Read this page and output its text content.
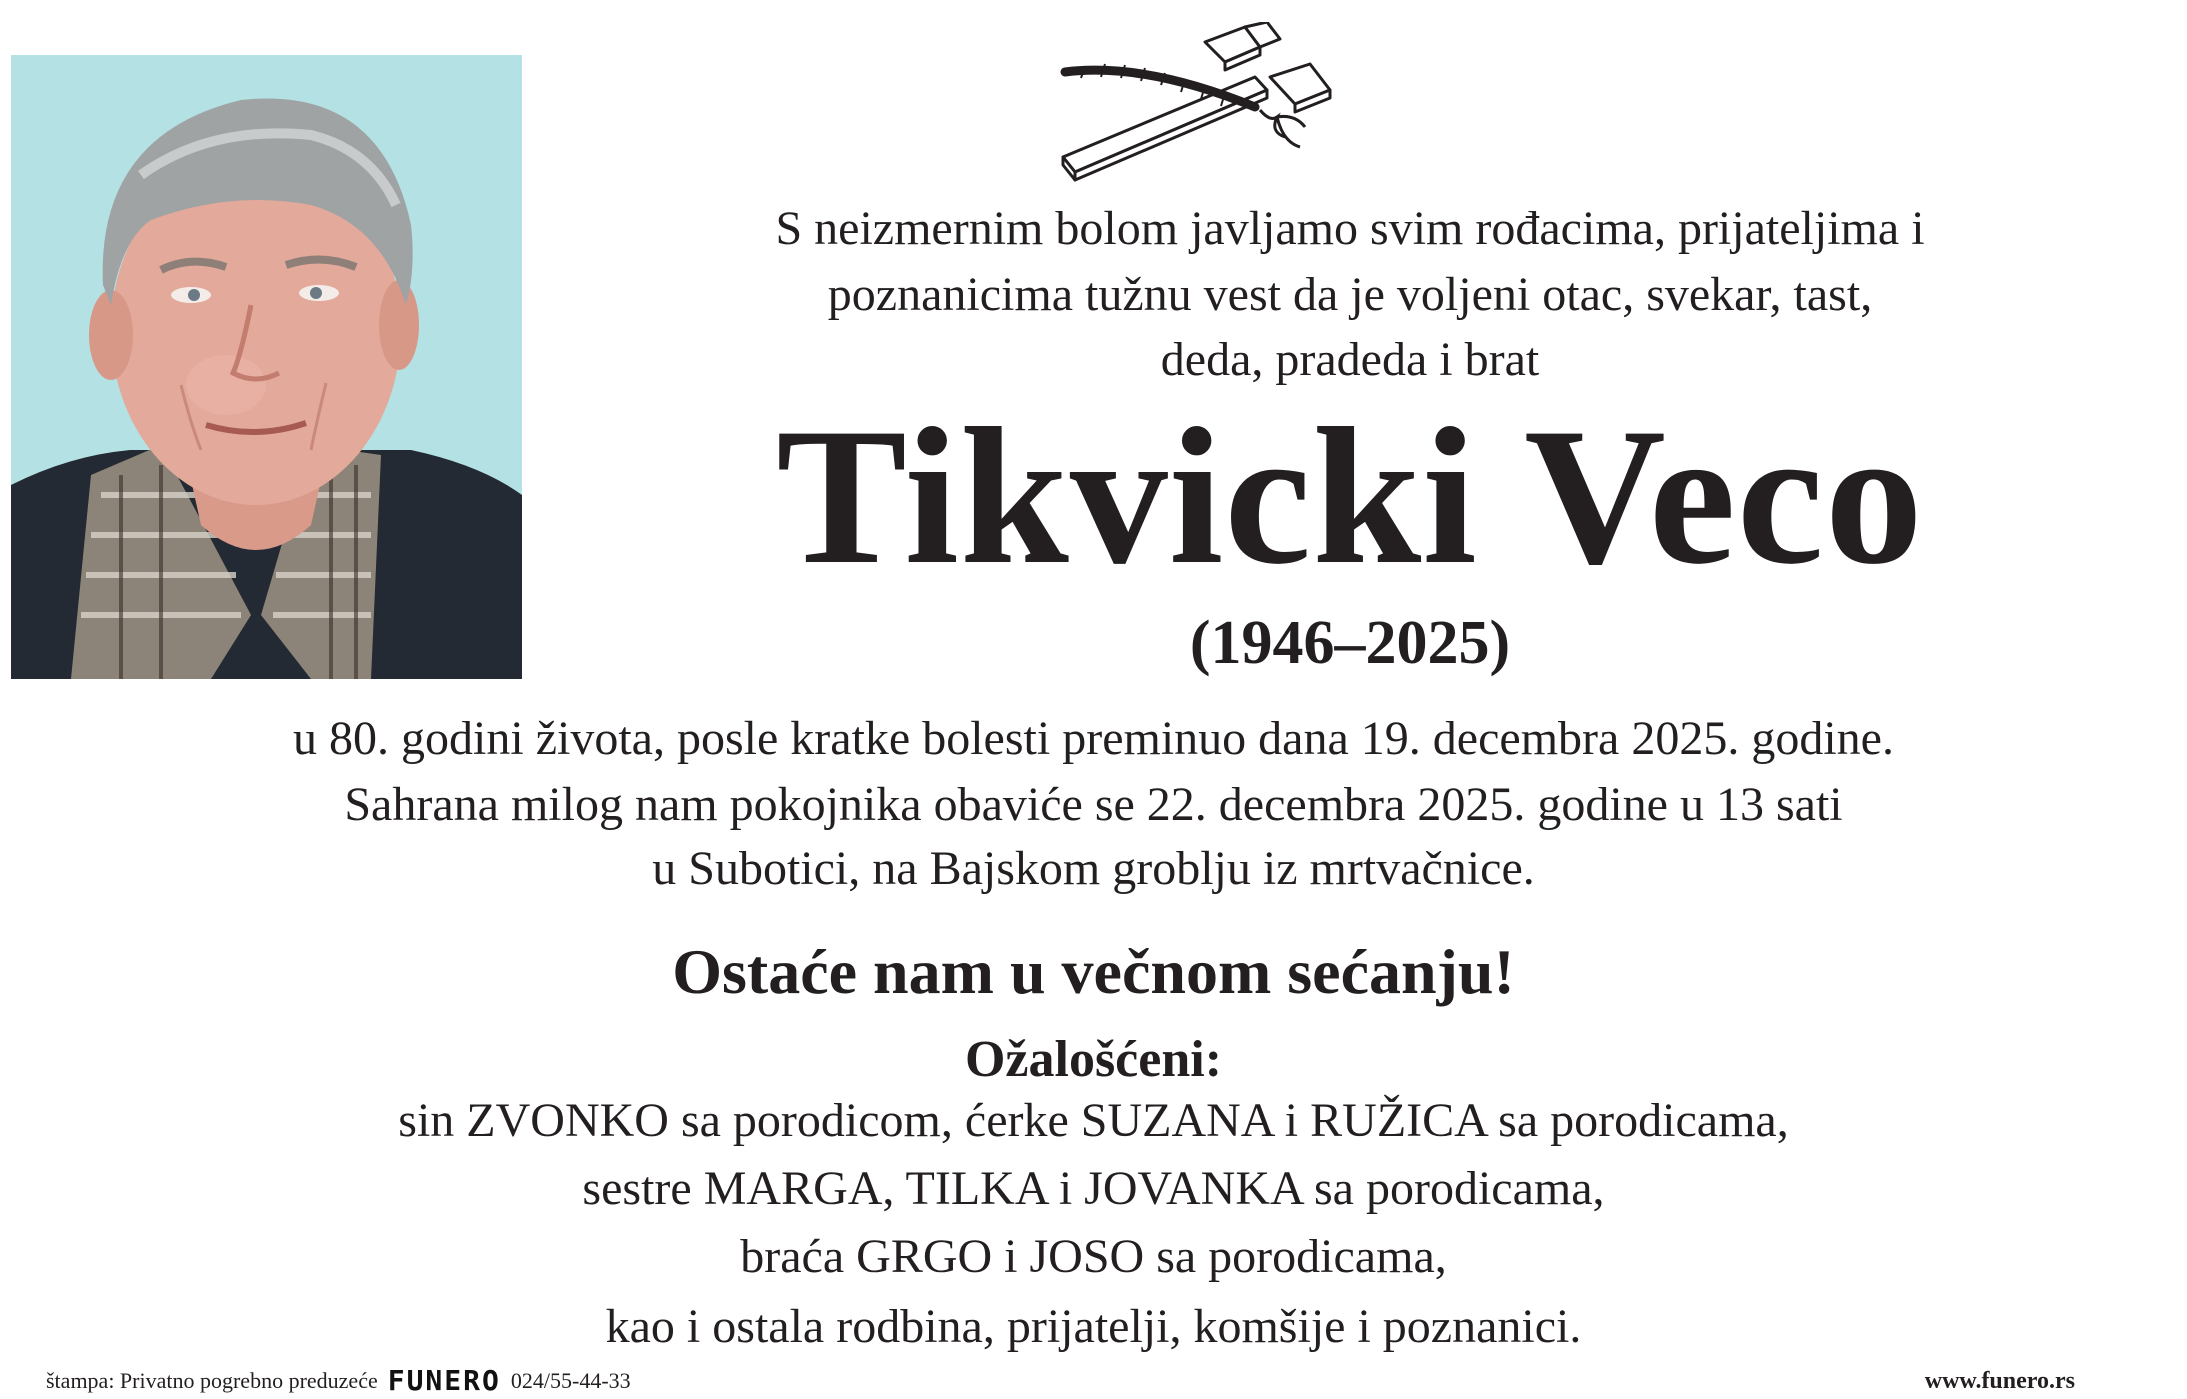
S neizmernim bolom javljamo svim rođacima, prijateljima i
poznanicima tužnu vest da je voljeni otac, svekar, tast,
deda, pradeda i brat
Tikvicki Veco
(1946–2025)
u 80. godini života, posle kratke bolesti preminuo dana 19. decembra 2025. godine.
Sahrana milog nam pokojnika obaviće se 22. decembra 2025. godine u 13 sati
u Subotici, na Bajskom groblju iz mrtvačnice.
Ostaće nam u večnom sećanju!
Ožalošćeni:
sin ZVONKO sa porodicom, ćerke SUZANA i RUŽICA sa porodicama,
sestre MARGA, TILKA i JOVANKA sa porodicama,
braća GRGO i JOSO sa porodicama,
kao i ostala rodbina, prijatelji, komšije i poznanici.
štampa: Privatno pogrebno preduzeće FUNERO 024/55-44-33	www.funero.rs
